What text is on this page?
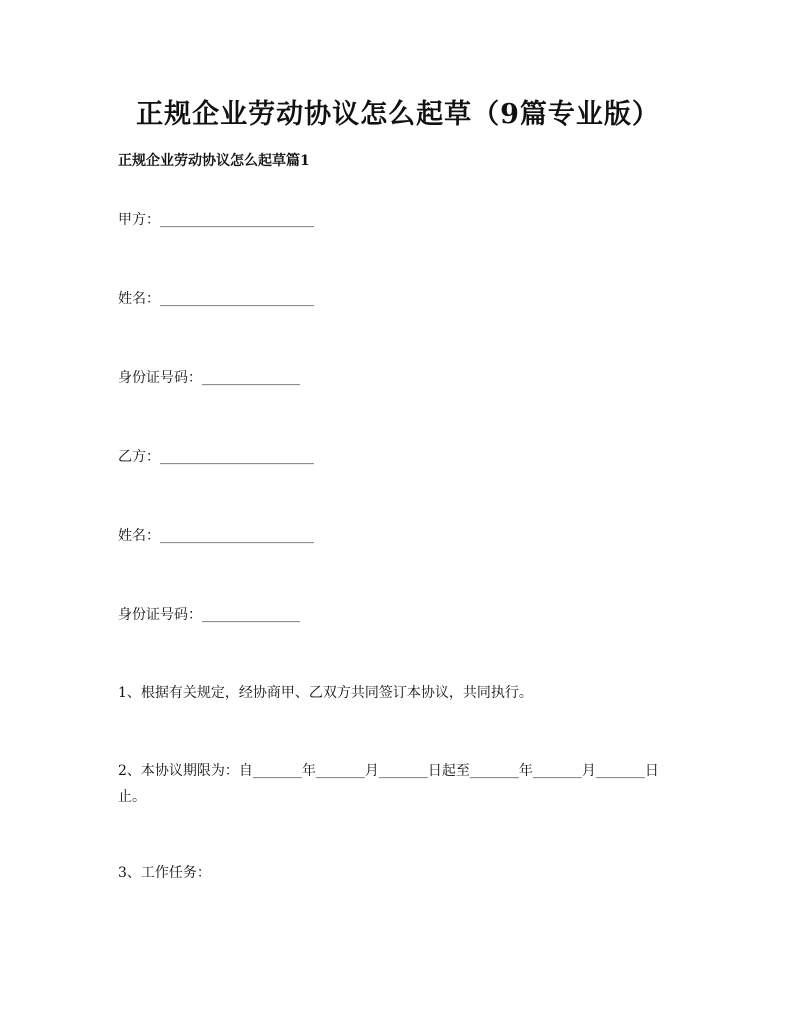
正规企业劳动协议怎么起草（9篇专业版）
正规企业劳动协议怎么起草篇1
甲方：______________________
姓名：______________________
身份证号码：______________
乙方：______________________
姓名：______________________
身份证号码：______________
1、根据有关规定，经协商甲、乙双方共同签订本协议，共同执行。
2、本协议期限为：自_______年_______月_______日起至_______年_______月_______日止。
3、工作任务：
